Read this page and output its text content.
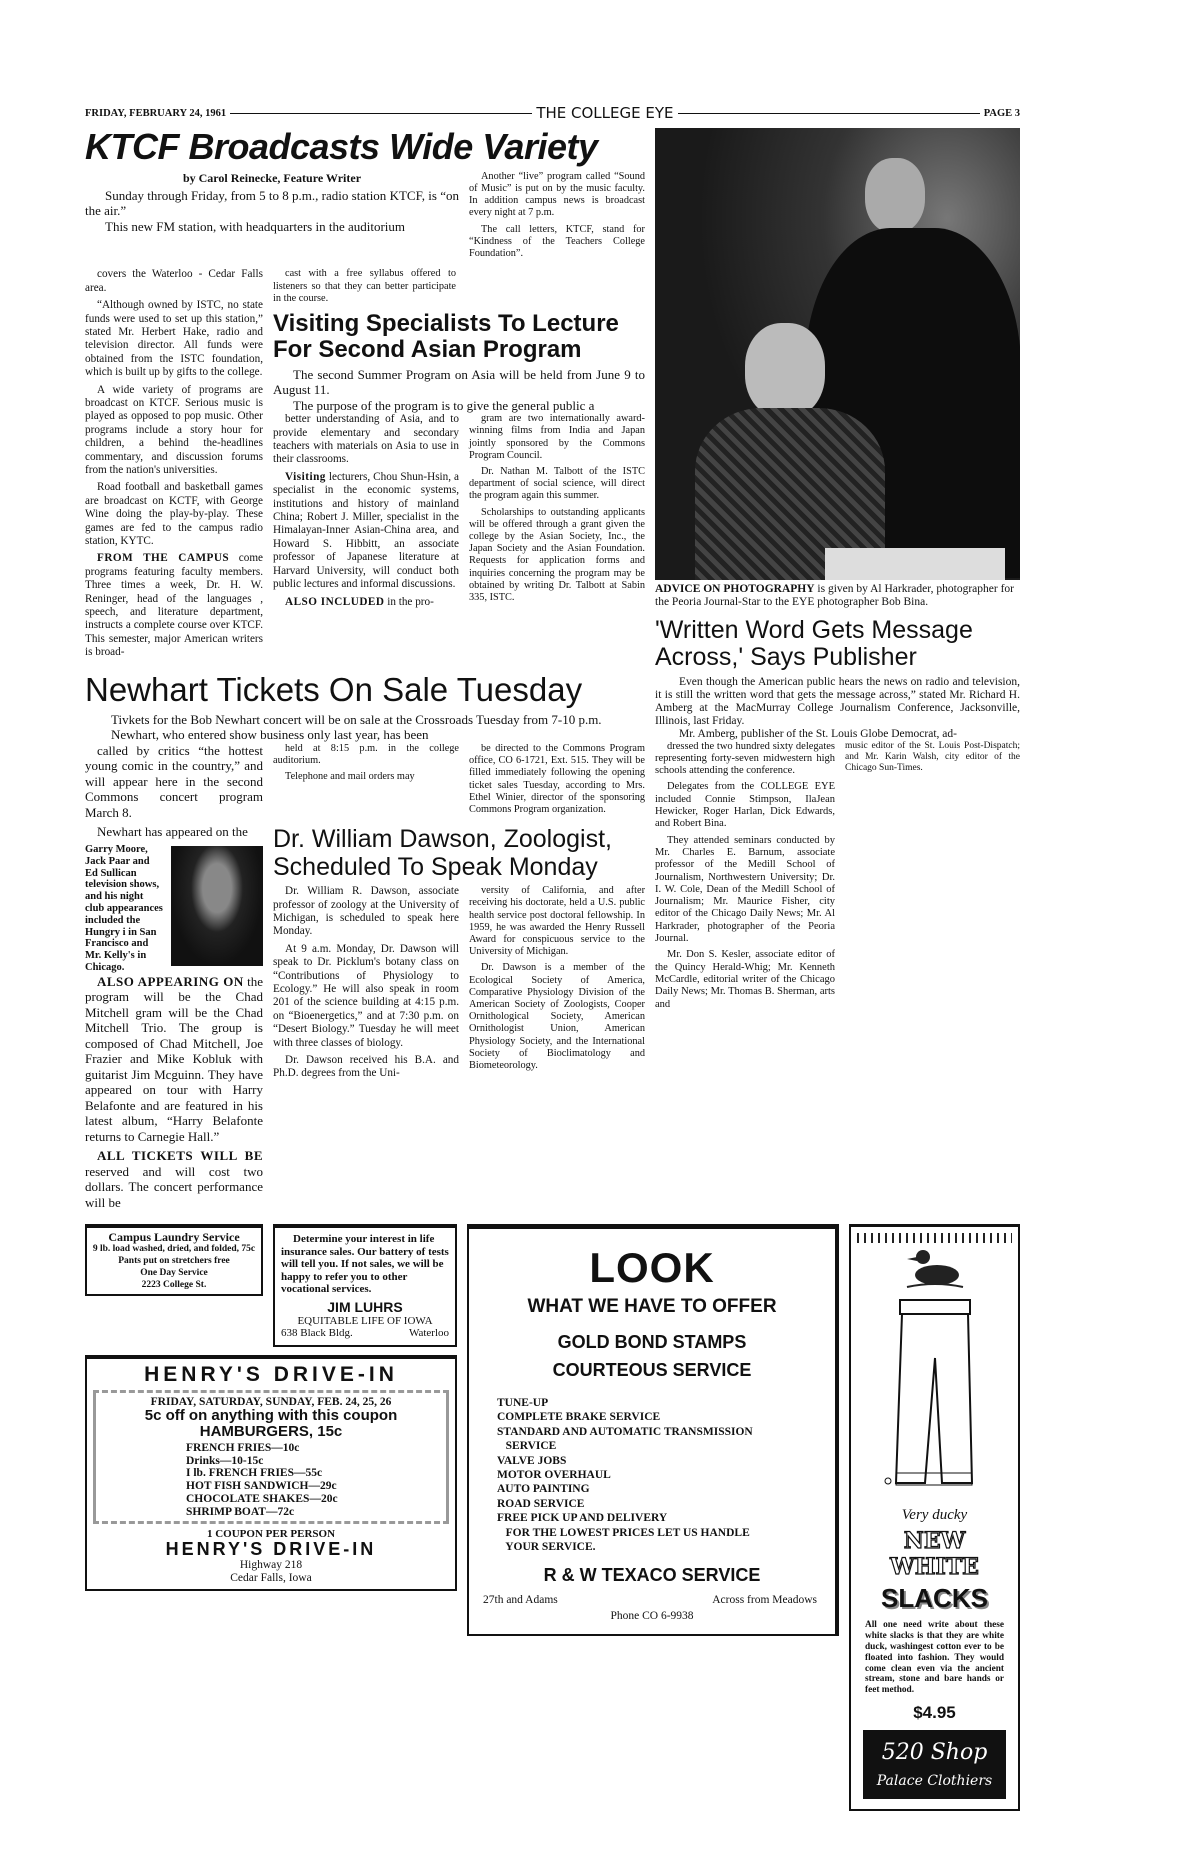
FRIDAY, FEBRUARY 24, 1961	THE COLLEGE EYE	PAGE 3
KTCF Broadcasts Wide Variety
by Carol Reinecke, Feature Writer
Sunday through Friday, from 5 to 8 p.m., radio station KTCF, is “on the air.”
This new FM station, with headquarters in the auditorium

Another “live” program called “Sound of Music” is put on by the music faculty. In addition campus news is broadcast every night at 7 p.m.

The call letters, KTCF, stand for “Kindness of the Teachers College Foundation”.

covers the Waterloo - Cedar Falls area.

“Although owned by ISTC, no state funds were used to set up this station,” stated Mr. Herbert Hake, radio and television director. All funds were obtained from the ISTC foundation, which is built up by gifts to the college.

A wide variety of programs are broadcast on KTCF. Serious music is played as opposed to pop music. Other programs include a story hour for children, a behind the-headlines commentary, and discussion forums from the nation's universities.

Road football and basketball games are broadcast on KCTF, with George Wine doing the play-by-play. These games are fed to the campus radio station, KYTC.

FROM THE CAMPUS come programs featuring faculty members. Three times a week, Dr. H. W. Reninger, head of the languages , speech, and literature department, instructs a complete course over KTCF. This semester, major American writers is broad-

cast with a free syllabus offered to listeners so that they can better participate in the course.

Visiting Specialists To Lecture For Second Asian Program
The second Summer Program on Asia will be held from June 9 to August 11.
The purpose of the program is to give the general public a

better understanding of Asia, and to provide elementary and secondary teachers with materials on Asia to use in their classrooms.

Visiting lecturers, Chou Shun-Hsin, a specialist in the economic systems, institutions and history of mainland China; Robert J. Miller, specialist in the Himalayan-Inner Asian-China area, and Howard S. Hibbitt, an associate professor of Japanese literature at Harvard University, will conduct both public lectures and informal discussions.

ALSO INCLUDED in the pro-

gram are two internationally award-winning films from India and Japan jointly sponsored by the Commons Program Council.

Dr. Nathan M. Talbott of the ISTC department of social science, will direct the program again this summer.

Scholarships to outstanding applicants will be offered through a grant given the college by the Asian Society, Inc., the Japan Society and the Asian Foundation. Requests for application forms and inquiries concerning the program may be obtained by writing Dr. Talbott at Sabin 335, ISTC.

Newhart Tickets On Sale Tuesday
Tivkets for the Bob Newhart concert will be on sale at the Crossroads Tuesday from 7-10 p.m.
Newhart, who entered show business only last year, has been

called by critics “the hottest young comic in the country,” and will appear here in the second Commons concert program March 8.

Newhart has appeared on the

Garry Moore, Jack Paar and Ed Sullican television shows, and his night club appearances included the Hungry i in San Francisco and Mr. Kelly's in Chicago.

ALSO APPEARING ON the program will be the Chad Mitchell gram will be the Chad Mitchell Trio. The group is composed of Chad Mitchell, Joe Frazier and Mike Kobluk with guitarist Jim Mcguinn. They have appeared on tour with Harry Belafonte and are featured in his latest album, “Harry Belafonte returns to Carnegie Hall.”

ALL TICKETS WILL BE reserved and will cost two dollars. The concert performance will be

held at 8:15 p.m. in the college auditorium.

Telephone and mail orders may

be directed to the Commons Program office, CO 6-1721, Ext. 515. They will be filled immediately following the opening ticket sales Tuesday, according to Mrs. Ethel Winier, director of the sponsoring Commons Program organization.

Dr. William Dawson, Zoologist, Scheduled To Speak Monday

Dr. William R. Dawson, associate professor of zoology at the University of Michigan, is scheduled to speak here Monday.

At 9 a.m. Monday, Dr. Dawson will speak to Dr. Picklum's botany class on “Contributions of Physiology to Ecology.” He will also speak in room 201 of the science building at 4:15 p.m. on “Bioenergetics,” and at 7:30 p.m. on “Desert Biology.” Tuesday he will meet with three classes of biology.

Dr. Dawson received his B.A. and Ph.D. degrees from the Uni-

versity of California, and after receiving his doctorate, held a U.S. public health service post doctoral fellowship. In 1959, he was awarded the Henry Russell Award for conspicuous service to the University of Michigan.

Dr. Dawson is a member of the Ecological Society of America, Comparative Physiology Division of the American Society of Zoologists, Cooper Ornithological Society, American Ornithologist Union, American Physiology Society, and the International Society of Bioclimatology and Biometeorology.

ADVICE ON PHOTOGRAPHY is given by Al Harkrader, photographer for the Peoria Journal-Star to the EYE photographer Bob Bina.
'Written Word Gets Message Across,' Says Publisher
Even though the American public hears the news on radio and television, it is still the written word that gets the message across,” stated Mr. Richard H. Amberg at the MacMurray College Journalism Conference, Jacksonville, Illinois, last Friday.
Mr. Amberg, publisher of the St. Louis Globe Democrat, ad-

dressed the two hundred sixty delegates representing forty-seven midwestern high schools attending the conference.

Delegates from the COLLEGE EYE included Connie Stimpson, IlaJean Hewicker, Roger Harlan, Dick Edwards, and Robert Bina.

They attended seminars conducted by Mr. Charles E. Barnum, associate professor of the Medill School of Journalism, Northwestern University; Dr. I. W. Cole, Dean of the Medill School of Journalism; Mr. Maurice Fisher, city editor of the Chicago Daily News; Mr. Al Harkrader, photographer of the Peoria Journal.

Mr. Don S. Kesler, associate editor of the Quincy Herald-Whig; Mr. Kenneth McCardle, editorial writer of the Chicago Daily News; Mr. Thomas B. Sherman, arts and

music editor of the St. Louis Post-Dispatch; and Mr. Karin Walsh, city editor of the Chicago Sun-Times.
Campus Laundry Service
9 lb. load washed, dried, and folded, 75c
Pants put on stretchers free
One Day Service
2223 College St.
Determine your interest in life insurance sales. Our battery of tests will tell you. If not sales, we will be happy to refer you to other vocational services.
JIM LUHRS
EQUITABLE LIFE OF IOWA
638 Black Bldg.	Waterloo
HENRY'S DRIVE-IN
FRIDAY, SATURDAY, SUNDAY, FEB. 24, 25, 26
5c off on anything with this coupon
HAMBURGERS, 15c
FRENCH FRIES—10c
Drinks—10-15c
I lb. FRENCH FRIES—55c
HOT FISH SANDWICH—29c
CHOCOLATE SHAKES—20c
SHRIMP BOAT—72c
1 COUPON PER PERSON
HENRY'S DRIVE-IN
Highway 218
Cedar Falls, Iowa
LOOK
WHAT WE HAVE TO OFFER
GOLD BOND STAMPS
COURTEOUS SERVICE
TUNE-UP
COMPLETE BRAKE SERVICE
STANDARD AND AUTOMATIC TRANSMISSION
SERVICE
VALVE JOBS
MOTOR OVERHAUL
AUTO PAINTING
ROAD SERVICE
FREE PICK UP AND DELIVERY
FOR THE LOWEST PRICES LET US HANDLE
YOUR SERVICE.
R & W TEXACO SERVICE
27th and Adams	Across from Meadows
Phone CO 6-9938
Very ducky
NEW WHITE
SLACKS
All one need write about these white slacks is that they are white duck, washingest cotton ever to be floated into fashion. They would come clean even via the ancient stream, stone and bare hands or feet method.
$4.95
520 Shop
Palace Clothiers
